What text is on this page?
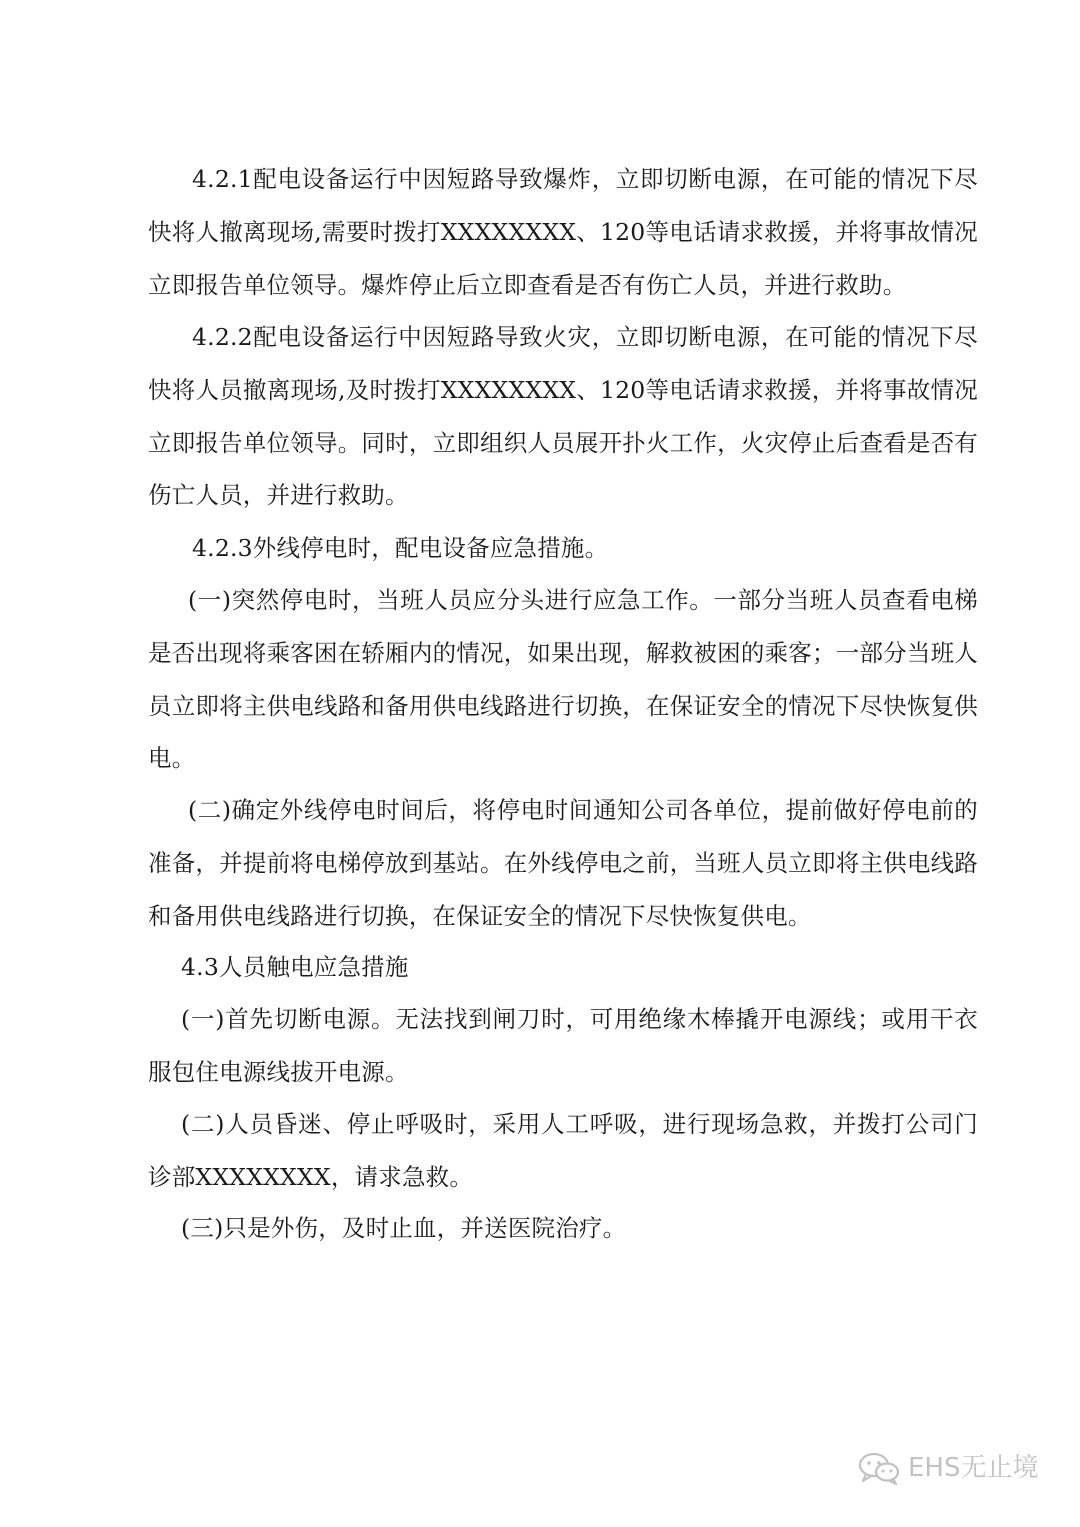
4.2.1配电设备运行中因短路导致爆炸，立即切断电源，在可能的情况下尽快将人撤离现场,需要时拨打XXXXXXXX、120等电话请求救援，并将事故情况立即报告单位领导。爆炸停止后立即查看是否有伤亡人员，并进行救助。

4.2.2配电设备运行中因短路导致火灾，立即切断电源，在可能的情况下尽快将人员撤离现场,及时拨打XXXXXXXX、120等电话请求救援，并将事故情况立即报告单位领导。同时，立即组织人员展开扑火工作，火灾停止后查看是否有伤亡人员，并进行救助。

4.2.3外线停电时，配电设备应急措施。

(一)突然停电时，当班人员应分头进行应急工作。一部分当班人员查看电梯是否出现将乘客困在轿厢内的情况，如果出现，解救被困的乘客；一部分当班人员立即将主供电线路和备用供电线路进行切换，在保证安全的情况下尽快恢复供电。

(二)确定外线停电时间后，将停电时间通知公司各单位，提前做好停电前的准备，并提前将电梯停放到基站。在外线停电之前，当班人员立即将主供电线路和备用供电线路进行切换，在保证安全的情况下尽快恢复供电。

4.3人员触电应急措施

(一)首先切断电源。无法找到闸刀时，可用绝缘木棒撬开电源线；或用干衣服包住电源线拔开电源。

(二)人员昏迷、停止呼吸时，采用人工呼吸，进行现场急救，并拨打公司门诊部XXXXXXXX，请求急救。

(三)只是外伤，及时止血，并送医院治疗。

EHS无止境
